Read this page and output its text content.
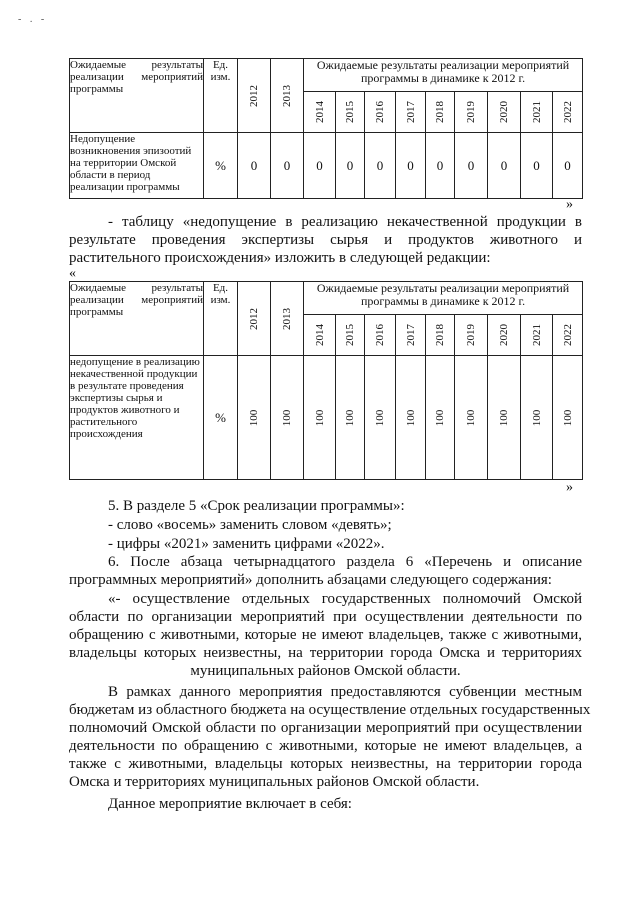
- . -
Ожидаемые результаты реализации мероприятий программы	Ед. изм.	2012	2013	Ожидаемые результаты реализации мероприятий программы в динамике к 2012 г.								

				2014	2015	2016	2017	2018	2019	2020	2021	2022

Недопущение возникновения эпизоотий на территории Омской области в период реализации программы	%	0	0	0	0	0	0	0	0	0	0	0
»

- таблицу «недопущение в реализацию некачественной продукции в
результате проведения экспертизы сырья и продуктов животного и
растительного происхождения» изложить в следующей редакции:

«
Ожидаемые результаты реализации мероприятий программы	Ед. изм.	2012	2013	Ожидаемые результаты реализации мероприятий программы в динамике к 2012 г.								

				2014	2015	2016	2017	2018	2019	2020	2021	2022

недопущение в реализацию некачественной продукции в результате проведения экспертизы сырья и продуктов животного и растительного происхождения	%	100	100	100	100	100	100	100	100	100	100	100
»

5. В разделе 5 «Срок реализации программы»:

- слово «восемь» заменить словом «девять»;

- цифры «2021» заменить цифрами «2022».

6. После абзаца четырнадцатого раздела 6 «Перечень и описание
программных мероприятий» дополнить абзацами следующего содержания:

«- осуществление отдельных государственных полномочий Омской
области по организации мероприятий при осуществлении деятельности по
обращению с животными, которые не имеют владельцев, также с животными,
владельцы которых неизвестны, на территории города Омска и территориях
муниципальных районов Омской области.

В рамках данного мероприятия предоставляются субвенции местным
бюджетам из областного бюджета на осуществление отдельных государственных
полномочий Омской области по организации мероприятий при осуществлении
деятельности по обращению с животными, которые не имеют владельцев, а
также с животными, владельцы которых неизвестны, на территории города
Омска и территориях муниципальных районов Омской области.

Данное мероприятие включает в себя:
